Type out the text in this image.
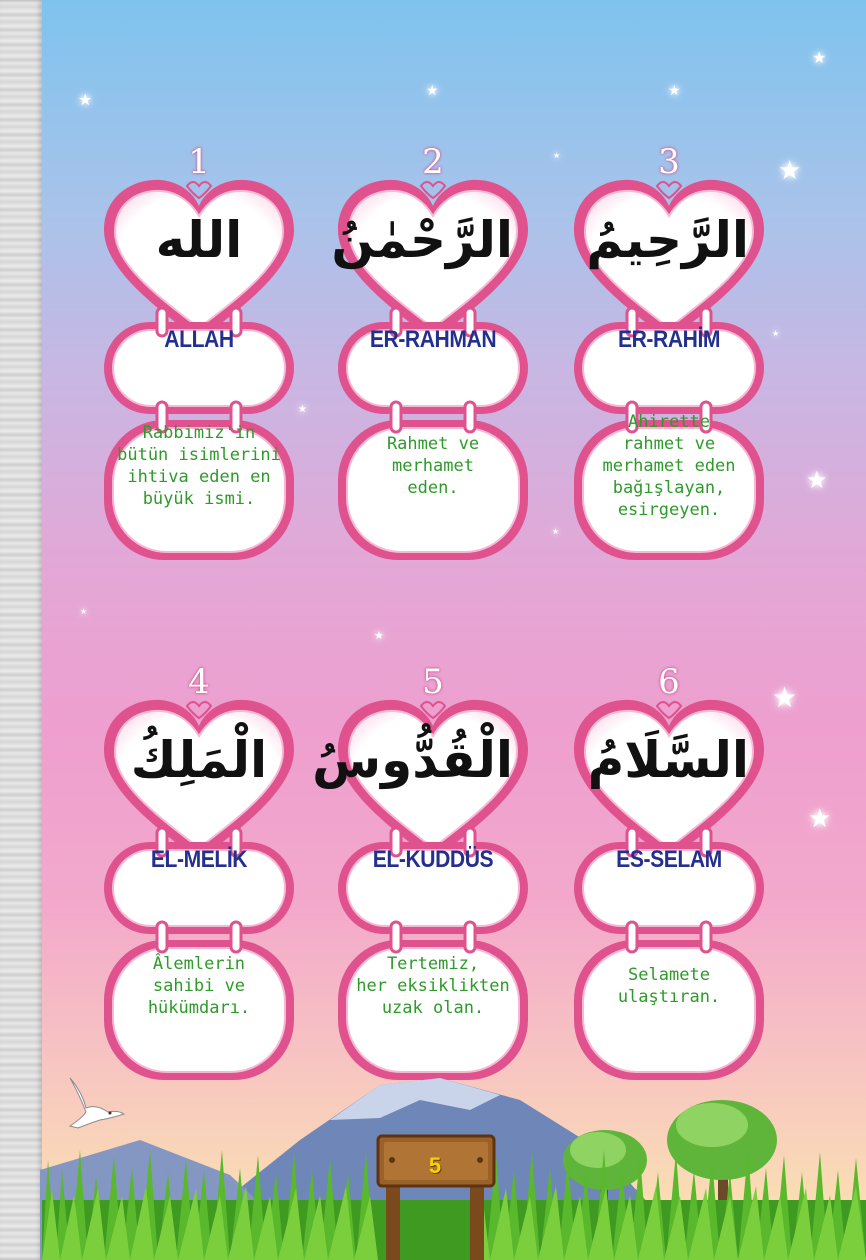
★	★	★
★
★
★
★
★
★
★
★
★
★
★
1
الله
ALLAH
Rabbimiz'in
bütün isimlerini
ihtiva eden en
büyük ismi.
2
الرَّحْمٰنُ
ER-RAHMAN
Rahmet ve
merhamet
eden.
3
الرَّحِيمُ
ER-RAHİM
Ahirette
rahmet ve
merhamet eden
bağışlayan,
esirgeyen.
4
الْمَلِكُ
EL-MELİK
Âlemlerin
sahibi ve
hükümdarı.
5
الْقُدُّوسُ
EL-KUDDÜS
Tertemiz,
her eksiklikten
uzak olan.
6
السَّلَامُ
ES-SELAM
Selamete
ulaştıran.
5
